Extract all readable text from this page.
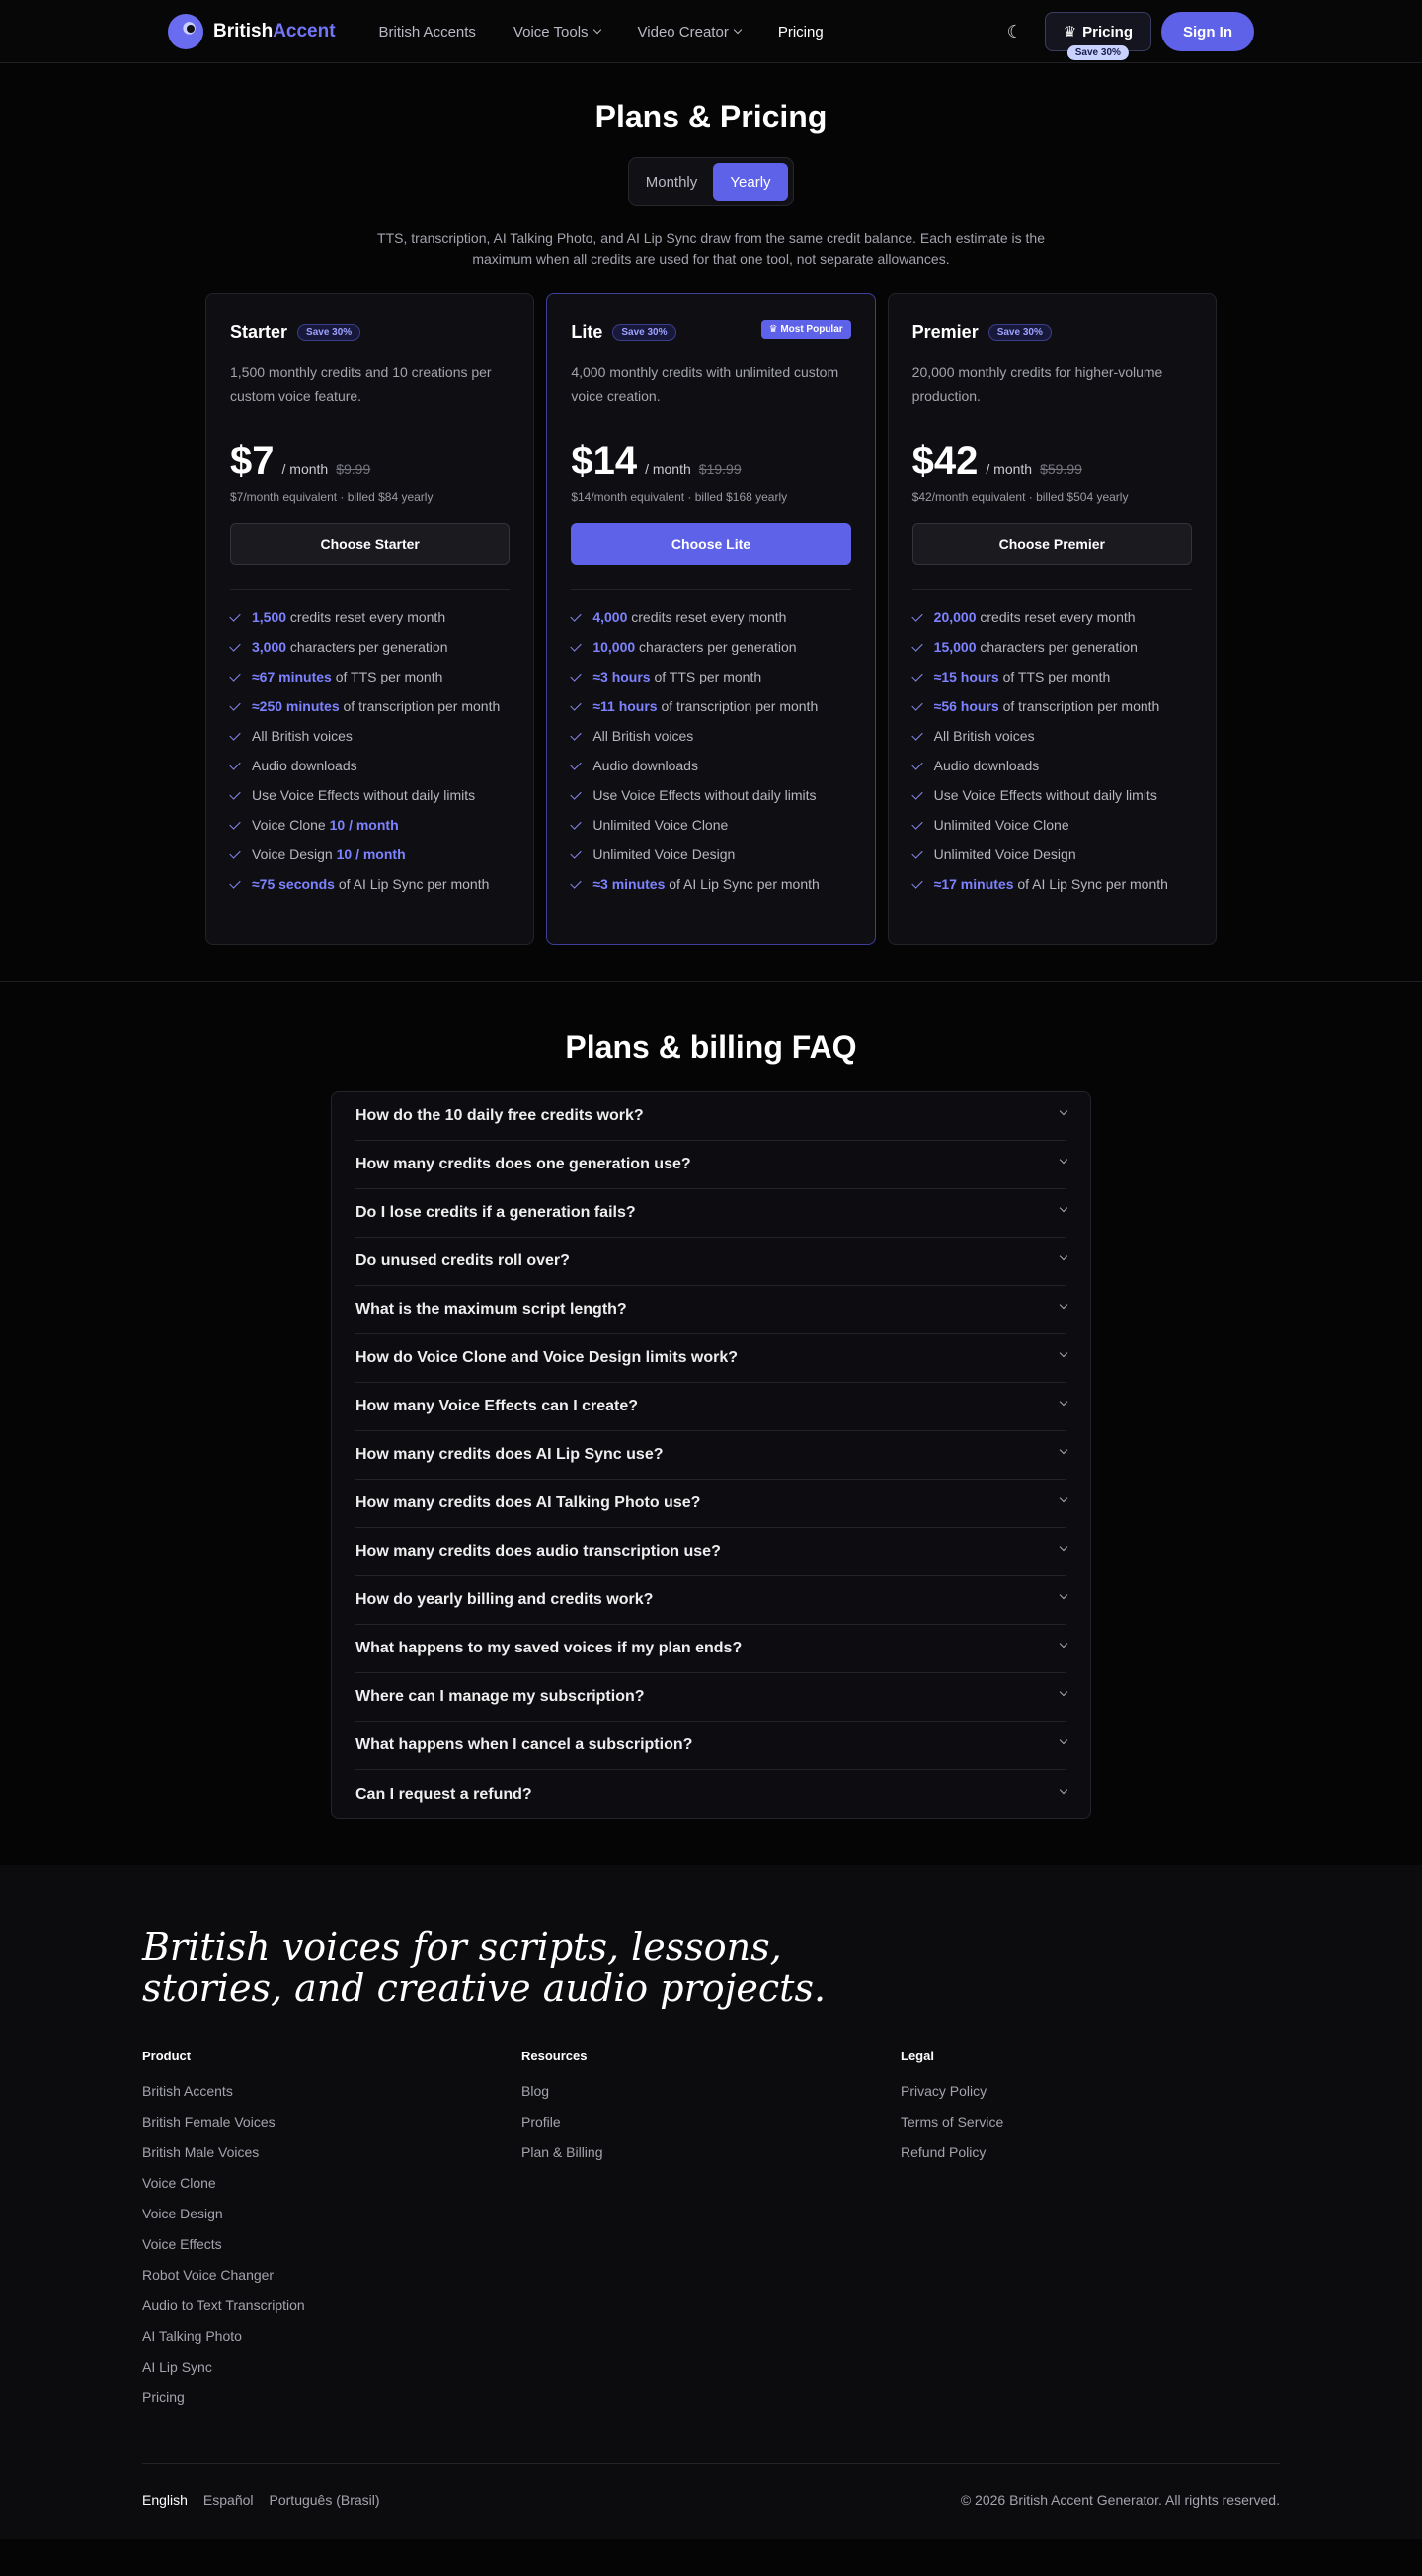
BritishAccent	British Accents	Voice Tools	Video Creator	Pricing	☾	♛ Pricing
Save 30%
Sign In
Plans & Pricing
Monthly	Yearly

TTS, transcription, AI Talking Photo, and AI Lip Sync draw from the same credit balance. Each estimate is the maximum when all credits are used for that one tool, not separate allowances.

Starter	Save 30%

1,500 monthly credits and 10 creations per custom voice feature.

$7 / month $9.99
$7/month equivalent · billed $84 yearly
Choose Starter
1,500 credits reset every month
3,000 characters per generation
≈67 minutes of TTS per month
≈250 minutes of transcription per month
All British voices
Audio downloads
Use Voice Effects without daily limits
Voice Clone 10 / month
Voice Design 10 / month
≈75 seconds of AI Lip Sync per month
Lite	Save 30%	♛ Most Popular

4,000 monthly credits with unlimited custom voice creation.

$14 / month $19.99
$14/month equivalent · billed $168 yearly
Choose Lite
4,000 credits reset every month
10,000 characters per generation
≈3 hours of TTS per month
≈11 hours of transcription per month
All British voices
Audio downloads
Use Voice Effects without daily limits
Unlimited Voice Clone
Unlimited Voice Design
≈3 minutes of AI Lip Sync per month
Premier	Save 30%

20,000 monthly credits for higher-volume production.

$42 / month $59.99
$42/month equivalent · billed $504 yearly
Choose Premier
20,000 credits reset every month
15,000 characters per generation
≈15 hours of TTS per month
≈56 hours of transcription per month
All British voices
Audio downloads
Use Voice Effects without daily limits
Unlimited Voice Clone
Unlimited Voice Design
≈17 minutes of AI Lip Sync per month
Plans & billing FAQ
How do the 10 daily free credits work?
How many credits does one generation use?
Do I lose credits if a generation fails?
Do unused credits roll over?
What is the maximum script length?
How do Voice Clone and Voice Design limits work?
How many Voice Effects can I create?
How many credits does AI Lip Sync use?
How many credits does AI Talking Photo use?
How many credits does audio transcription use?
How do yearly billing and credits work?
What happens to my saved voices if my plan ends?
Where can I manage my subscription?
What happens when I cancel a subscription?
Can I request a refund?

British voices for scripts, lessons, stories, and creative audio projects.

Product
British Accents
British Female Voices
British Male Voices
Voice Clone
Voice Design
Voice Effects
Robot Voice Changer
Audio to Text Transcription
AI Talking Photo
AI Lip Sync
Pricing
Resources
Blog
Profile
Plan & Billing
Legal
Privacy Policy
Terms of Service
Refund Policy
English Español Português (Brasil)	© 2026 British Accent Generator. All rights reserved.
